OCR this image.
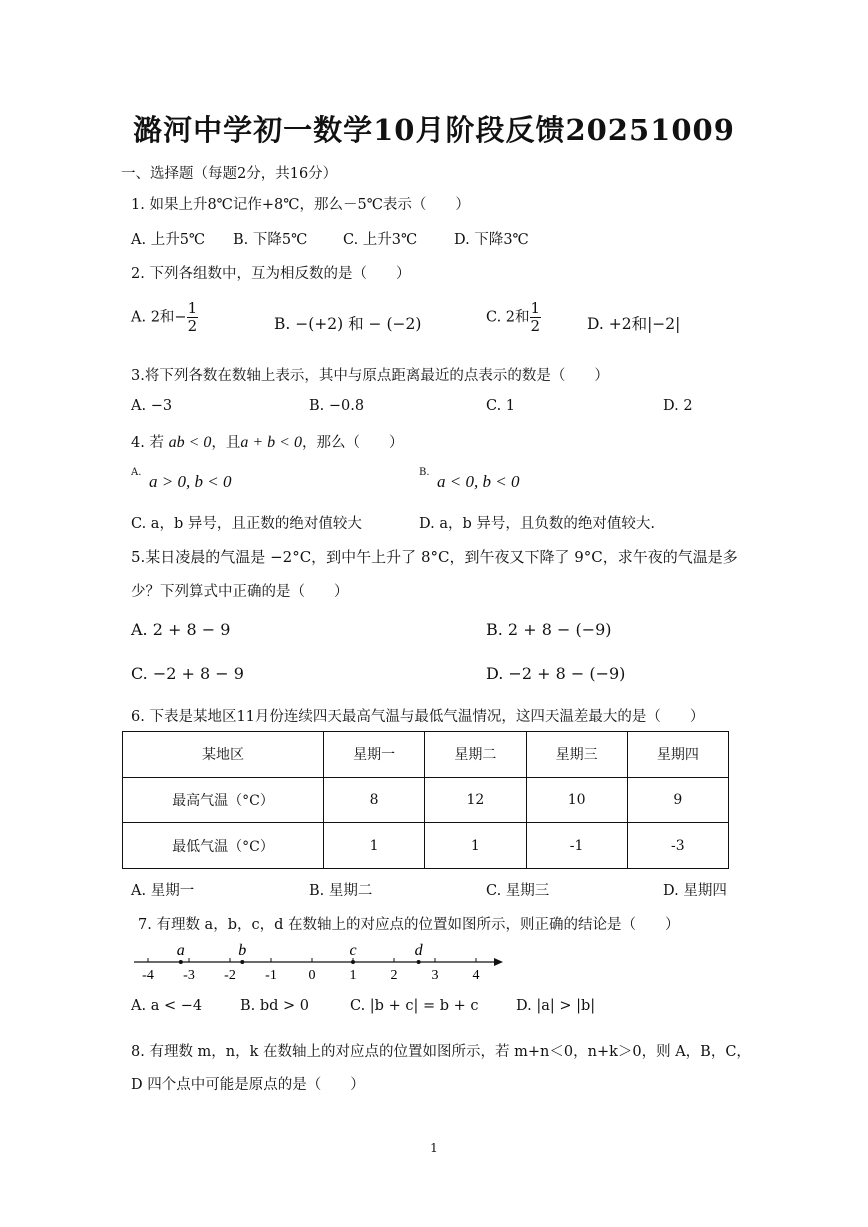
潞河中学初一数学10月阶段反馈20251009
一、选择题（每题2分，共16分）
1. 如果上升8℃记作+8℃，那么－5℃表示（　　）
A. 上升5℃ B. 下降5℃ C. 上升3℃	D. 下降3℃
2. 下列各组数中，互为相反数的是（　　）
A. 2和− $\frac{1}{2}$	B. −(+2) 和 − (−2)	C. 2和 $\frac{1}{2}$	D. +2和|−2|
3.将下列各数在数轴上表示，其中与原点距离最近的点表示的数是（　　）
A. −3	B. −0.8	C. 1	D. 2
4. 若 ab < 0，且a + b < 0，那么（　　）
A. a > 0, b < 0	B. a < 0, b < 0
C. a，b 异号，且正数的绝对值较大	D. a，b 异号，且负数的绝对值较大.
5.某日凌晨的气温是 −2°C，到中午上升了 8°C，到午夜又下降了 9°C，求午夜的气温是多
少？下列算式中正确的是（　　）
A. 2 + 8 − 9	B. 2 + 8 − (−9)
C. −2 + 8 − 9	D. −2 + 8 − (−9)
6. 下表是某地区11月份连续四天最高气温与最低气温情况，这四天温差最大的是（　　）
某地区	星期一	星期二	星期三	星期四
最高气温（°C）	8	12	10	9
最低气温（°C）	1	1	-1	-3
A. 星期一	B. 星期二	C. 星期三	D. 星期四
7. 有理数 a，b，c，d 在数轴上的对应点的位置如图所示，则正确的结论是（　　）
-4 -3 -2 -1 0 1 2 3 4
a	b	c	d
A. a < −4	B. bd > 0	C. |b + c| = b + c	D. |a| > |b|
8. 有理数 m，n，k 在数轴上的对应点的位置如图所示，若 m+n＜0，n+k＞0，则 A，B，C，
D 四个点中可能是原点的是（　　）
1
